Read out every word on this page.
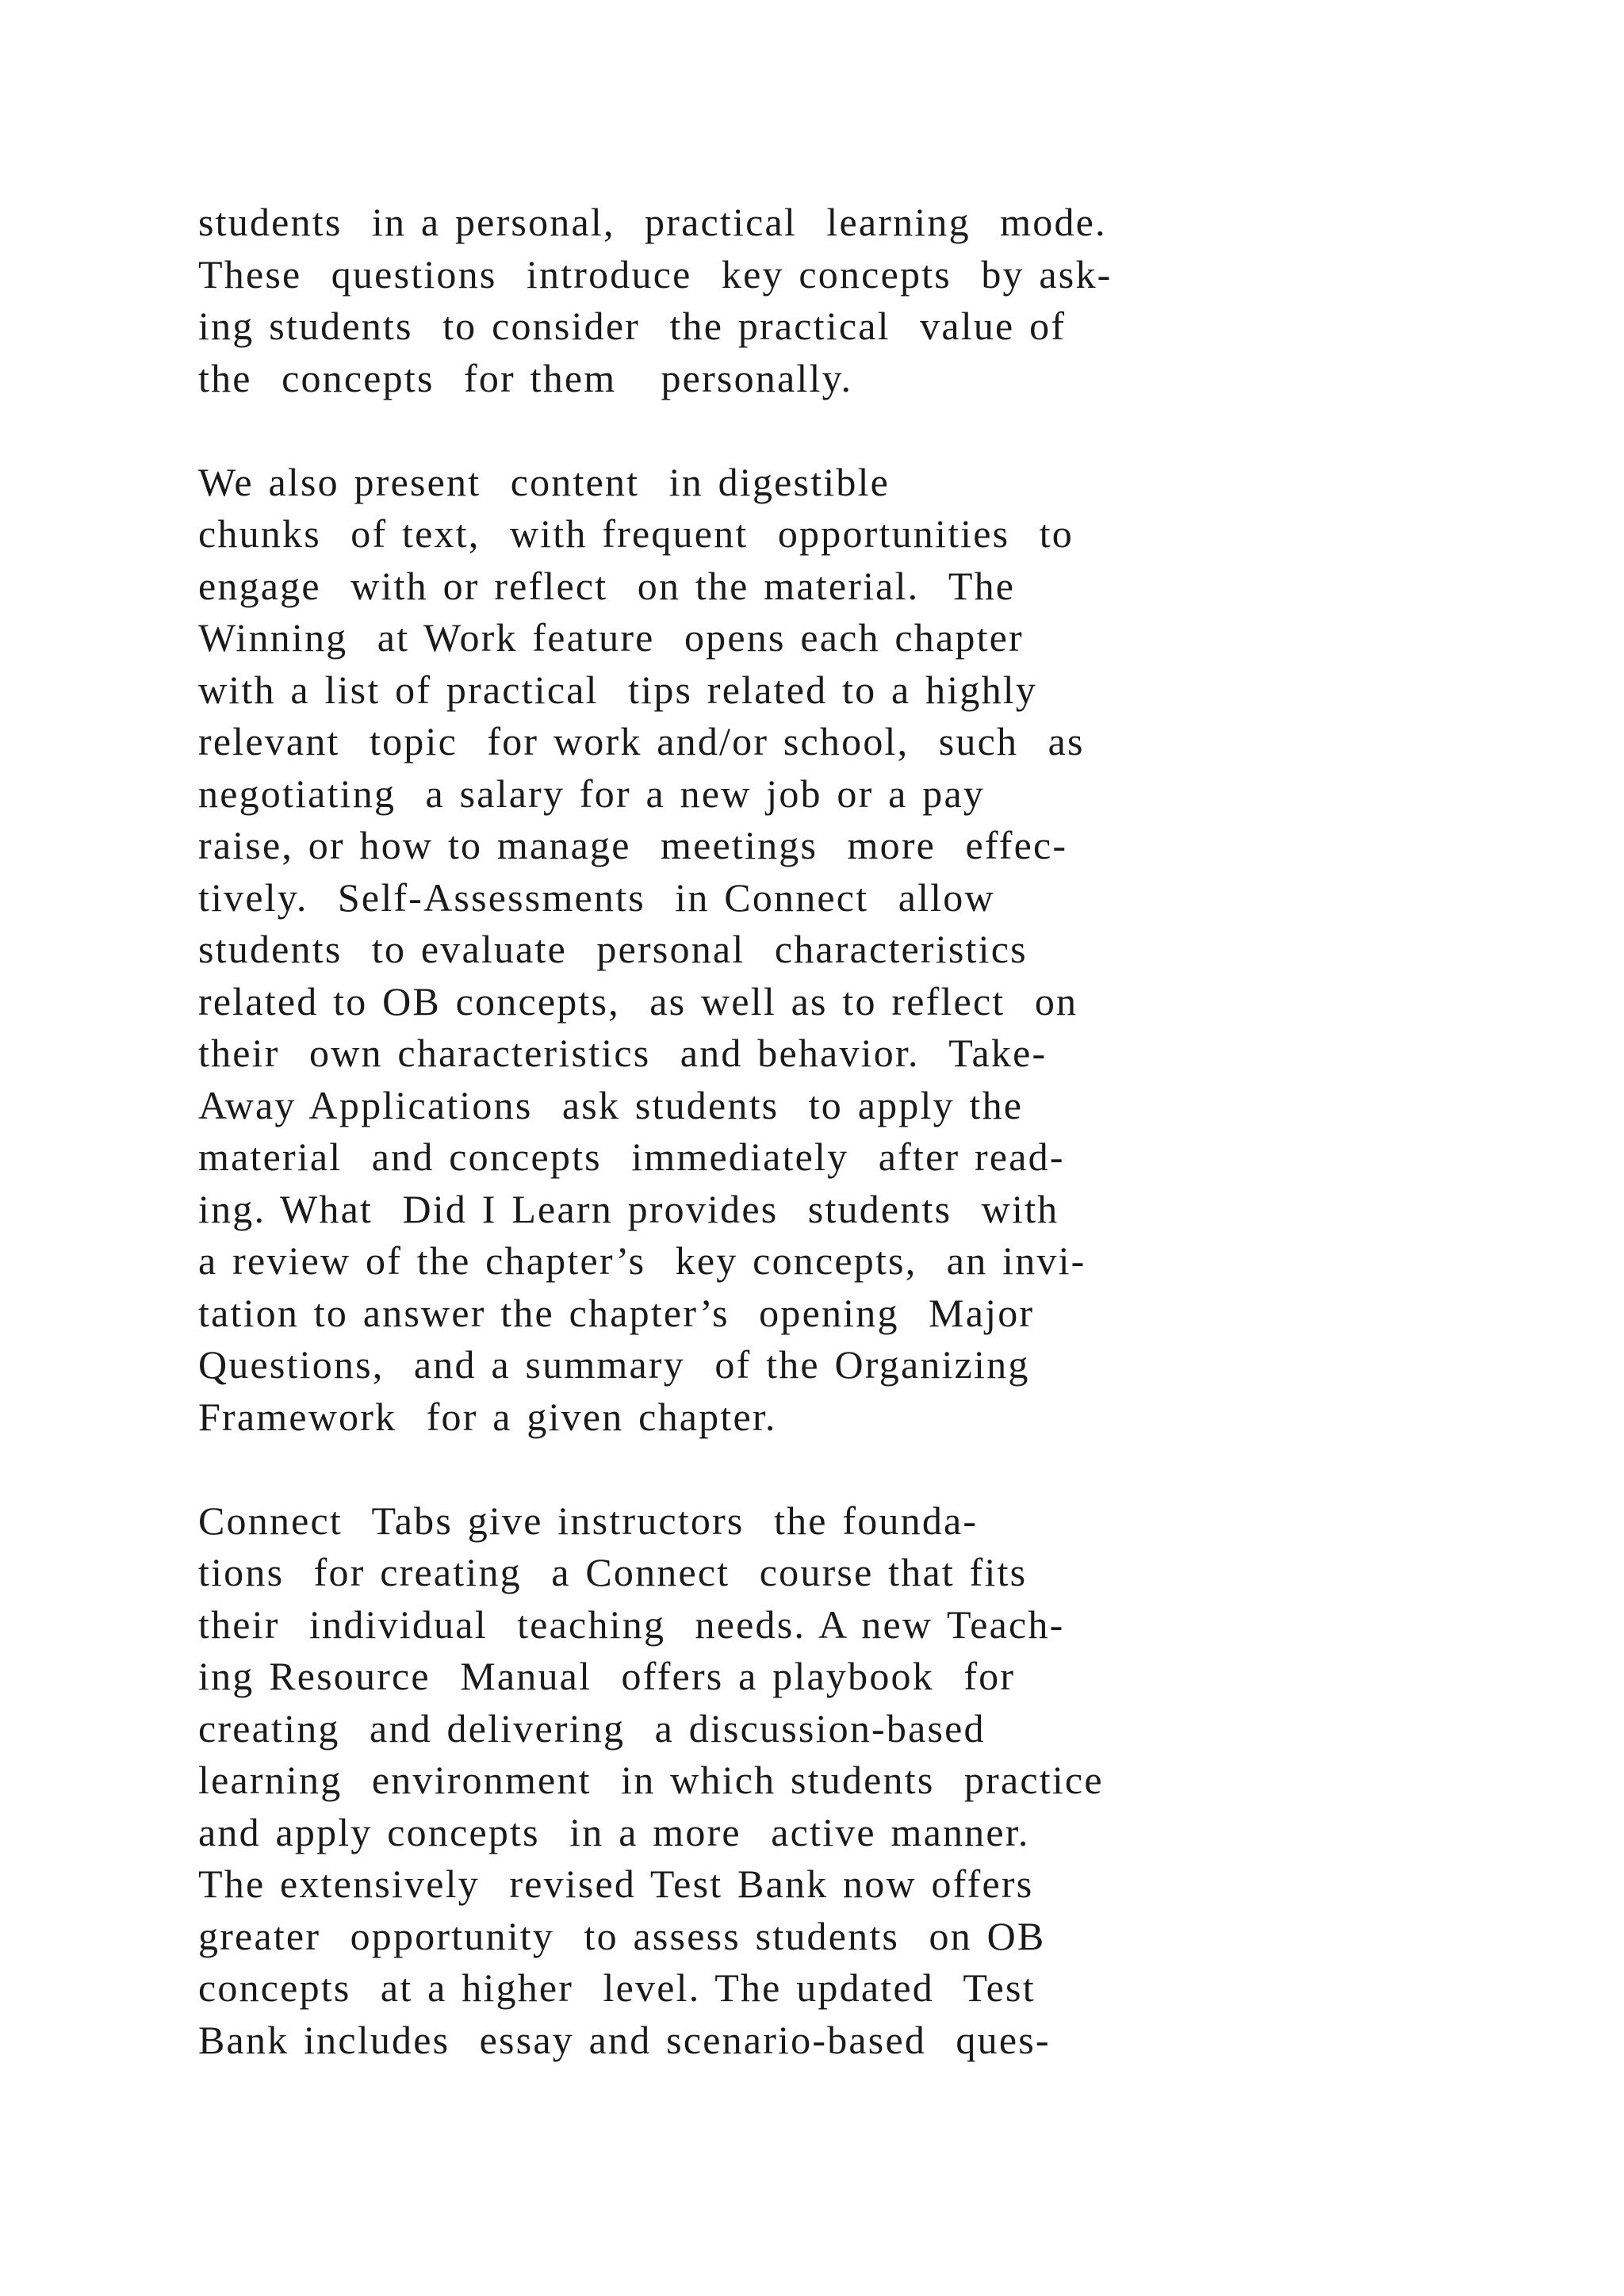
students  in a personal,  practical  learning  mode.
These  questions  introduce  key concepts  by ask-
ing students  to consider  the practical  value of
the  concepts  for them   personally.

We also present  content  in digestible
chunks  of text,  with frequent  opportunities  to
engage  with or reflect  on the material.  The
Winning  at Work feature  opens each chapter
with a list of practical  tips related to a highly
relevant  topic  for work and/or school,  such  as
negotiating  a salary for a new job or a pay
raise, or how to manage  meetings  more  effec-
tively.  Self-Assessments  in Connect  allow
students  to evaluate  personal  characteristics
related to OB concepts,  as well as to reflect  on
their  own characteristics  and behavior.  Take-
Away Applications  ask students  to apply the
material  and concepts  immediately  after read-
ing. What  Did I Learn provides  students  with
a review of the chapter’s  key concepts,  an invi-
tation to answer the chapter’s  opening  Major
Questions,  and a summary  of the Organizing
Framework  for a given chapter.

Connect  Tabs give instructors  the founda-
tions  for creating  a Connect  course that fits
their  individual  teaching  needs. A new Teach-
ing Resource  Manual  offers a playbook  for
creating  and delivering  a discussion-based
learning  environment  in which students  practice
and apply concepts  in a more  active manner.
The extensively  revised Test Bank now offers
greater  opportunity  to assess students  on OB
concepts  at a higher  level. The updated  Test
Bank includes  essay and scenario-based  ques-
